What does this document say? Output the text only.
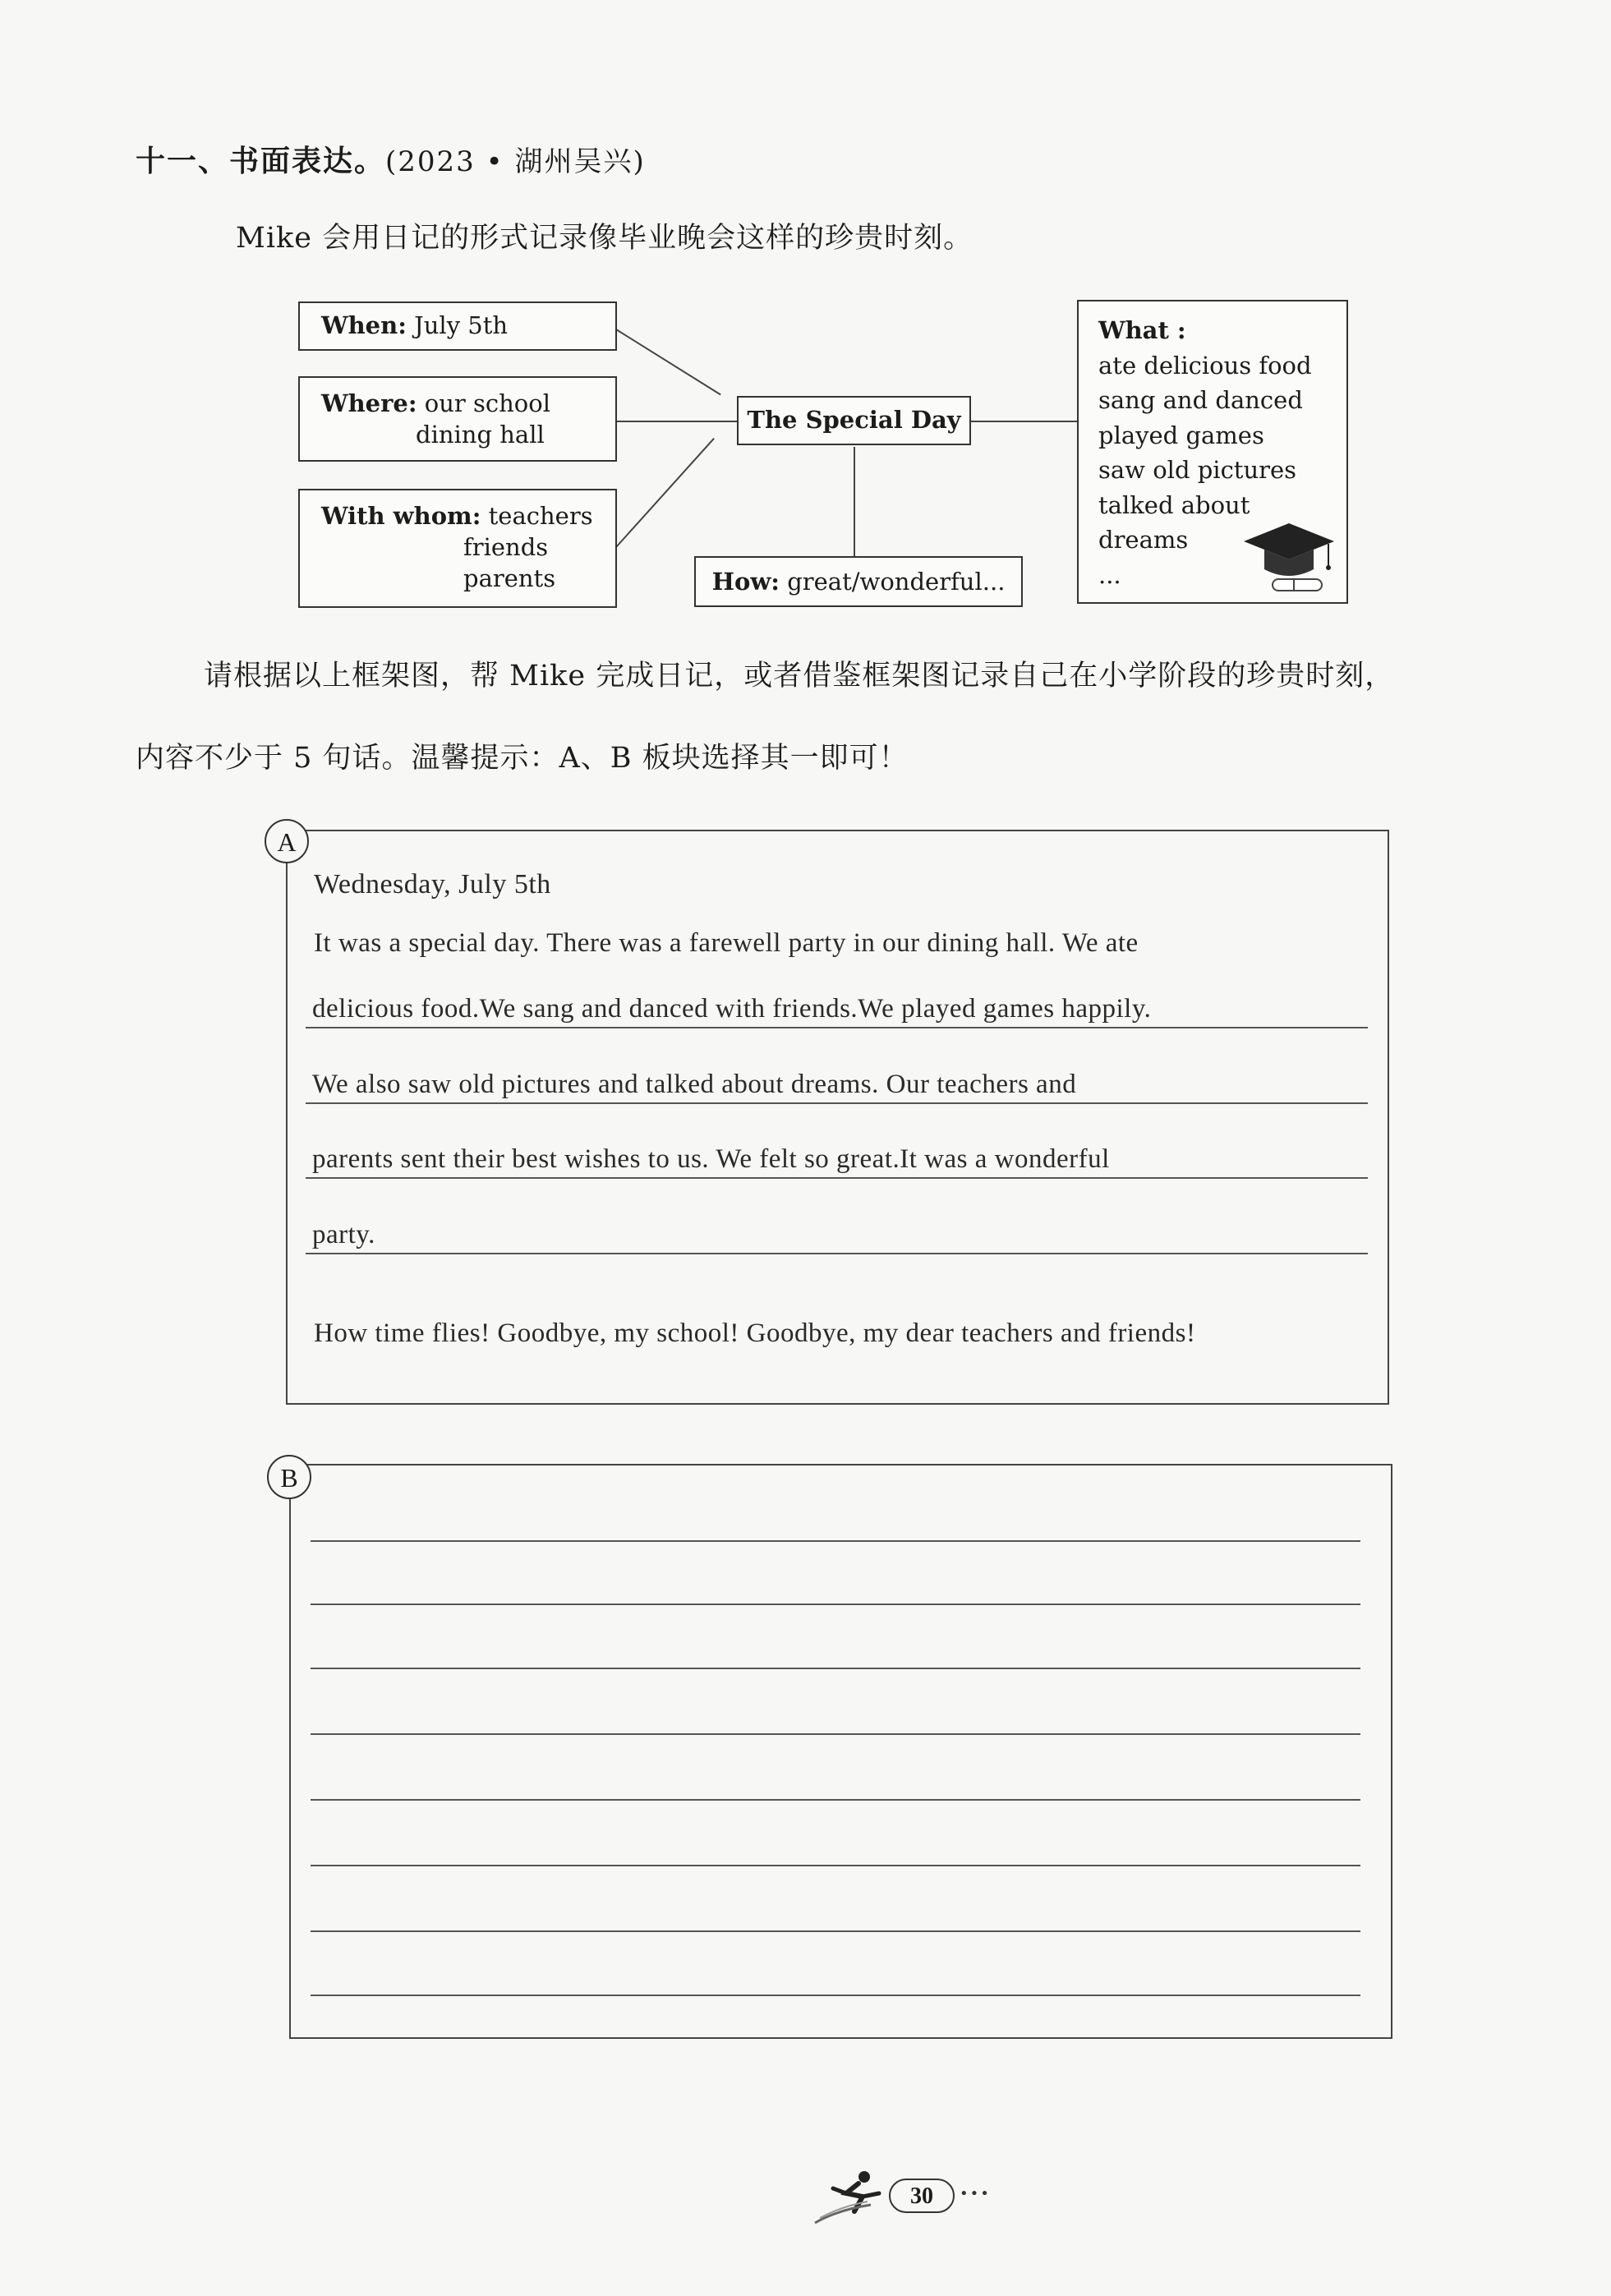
十一、书面表达。(2023 • 湖州吴兴)
Mike 会用日记的形式记录像毕业晚会这样的珍贵时刻。
When: July 5th
Where: our school
dining hall
With whom: teachers
friends
parents
The Special Day
How: great/wonderful...
What :
ate delicious food
sang and danced
played games
saw old pictures
talked about dreams
...
请根据以上框架图，帮 Mike 完成日记，或者借鉴框架图记录自己在小学阶段的珍贵时刻，
内容不少于 5 句话。温馨提示：A、B 板块选择其一即可！
A
Wednesday, July 5th
It was a special day. There was a farewell party in our dining hall. We ate
delicious food.We sang and danced with friends.We played games happily.
We also saw old pictures and talked about dreams. Our teachers and
parents sent their best wishes to us. We felt so great.It was a wonderful
party.
How time flies! Goodbye, my school! Goodbye, my dear teachers and friends!
B
30	•••
